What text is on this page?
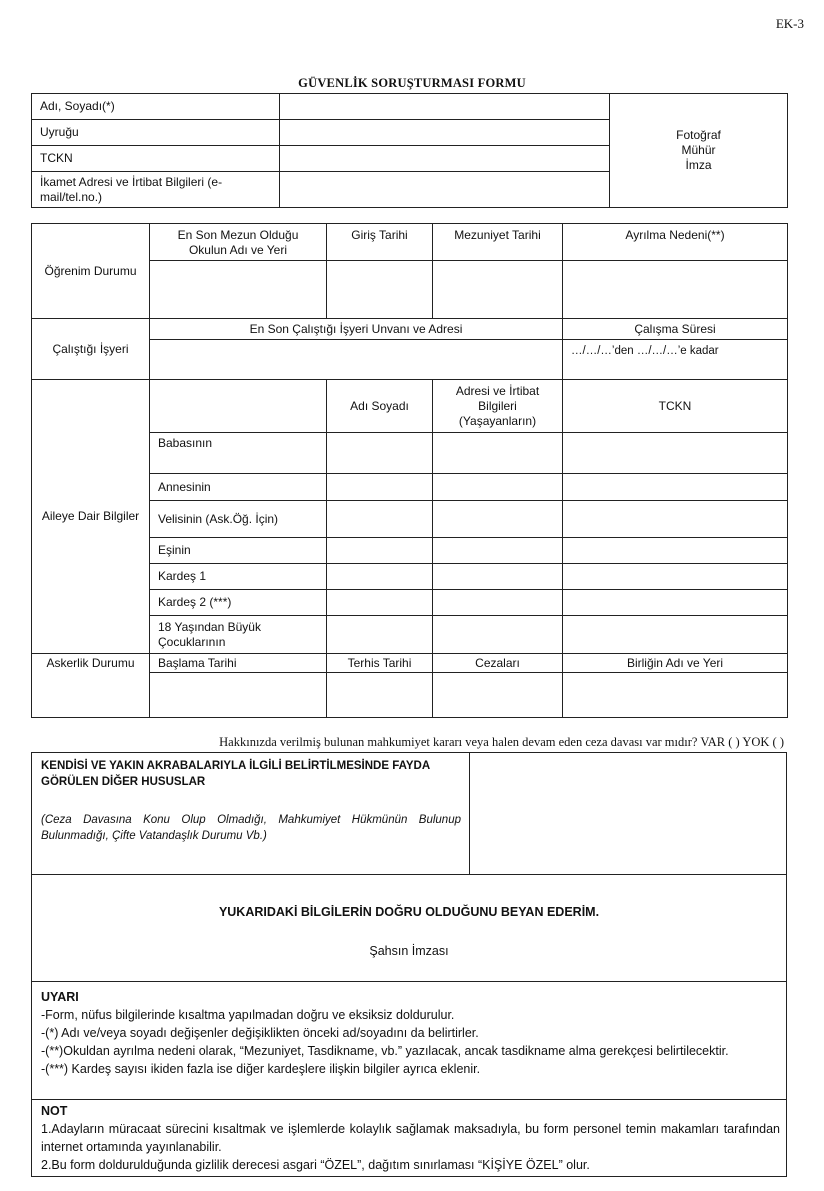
EK-3
GÜVENLİK SORUŞTURMASI FORMU
Adı, Soyadı(*)		Fotoğraf
Mühür
İmza

Uyruğu		
TCKN		
İkamet Adresi ve İrtibat Bilgileri (e-mail/tel.no.)		
Öğrenim Durumu	En Son Mezun Olduğu Okulun Adı ve Yeri	Giriş Tarihi	Mezuniyet Tarihi	Ayrılma Nedeni(**)

Çalıştığı İşyeri	En Son Çalıştığı İşyeri Unvanı ve Adresi			Çalışma Süresi
				…/…/…’den …/…/…’e kadar
Aileye Dair Bilgiler		Adı Soyadı	Adresi ve İrtibat Bilgileri (Yaşayanların)	TCKN
	Babasının			
	Annesinin			
	Velisinin (Ask.Öğ. İçin)			
	Eşinin			
	Kardeş 1			
	Kardeş 2 (***)			
	18 Yaşından Büyük Çocuklarının			
Askerlik Durumu	Başlama Tarihi	Terhis Tarihi	Cezaları	Birliğin Adı ve Yeri

Hakkınızda verilmiş bulunan mahkumiyet kararı veya halen devam eden ceza davası var mıdır? VAR ( ) YOK ( )
KENDİSİ VE YAKIN AKRABALARIYLA İLGİLİ BELİRTİLMESİNDE FAYDA GÖRÜLEN DİĞER HUSUSLAR
(Ceza Davasına Konu Olup Olmadığı, Mahkumiyet Hükmünün Bulunup Bulunmadığı, Çifte Vatandaşlık Durumu Vb.)
YUKARIDAKİ BİLGİLERİN DOĞRU OLDUĞUNU BEYAN EDERİM.
Şahsın İmzası
UYARI
-Form, nüfus bilgilerinde kısaltma yapılmadan doğru ve eksiksiz doldurulur.
-(*) Adı ve/veya soyadı değişenler değişiklikten önceki ad/soyadını da belirtirler.
-(**)Okuldan ayrılma nedeni olarak, “Mezuniyet, Tasdikname, vb.” yazılacak, ancak tasdikname alma gerekçesi belirtilecektir.
-(***) Kardeş sayısı ikiden fazla ise diğer kardeşlere ilişkin bilgiler ayrıca eklenir.
NOT
1.Adayların müracaat sürecini kısaltmak ve işlemlerde kolaylık sağlamak maksadıyla, bu form personel temin makamları tarafından internet ortamında yayınlanabilir.
2.Bu form doldurulduğunda gizlilik derecesi asgari “ÖZEL”, dağıtım sınırlaması “KİŞİYE ÖZEL” olur.
